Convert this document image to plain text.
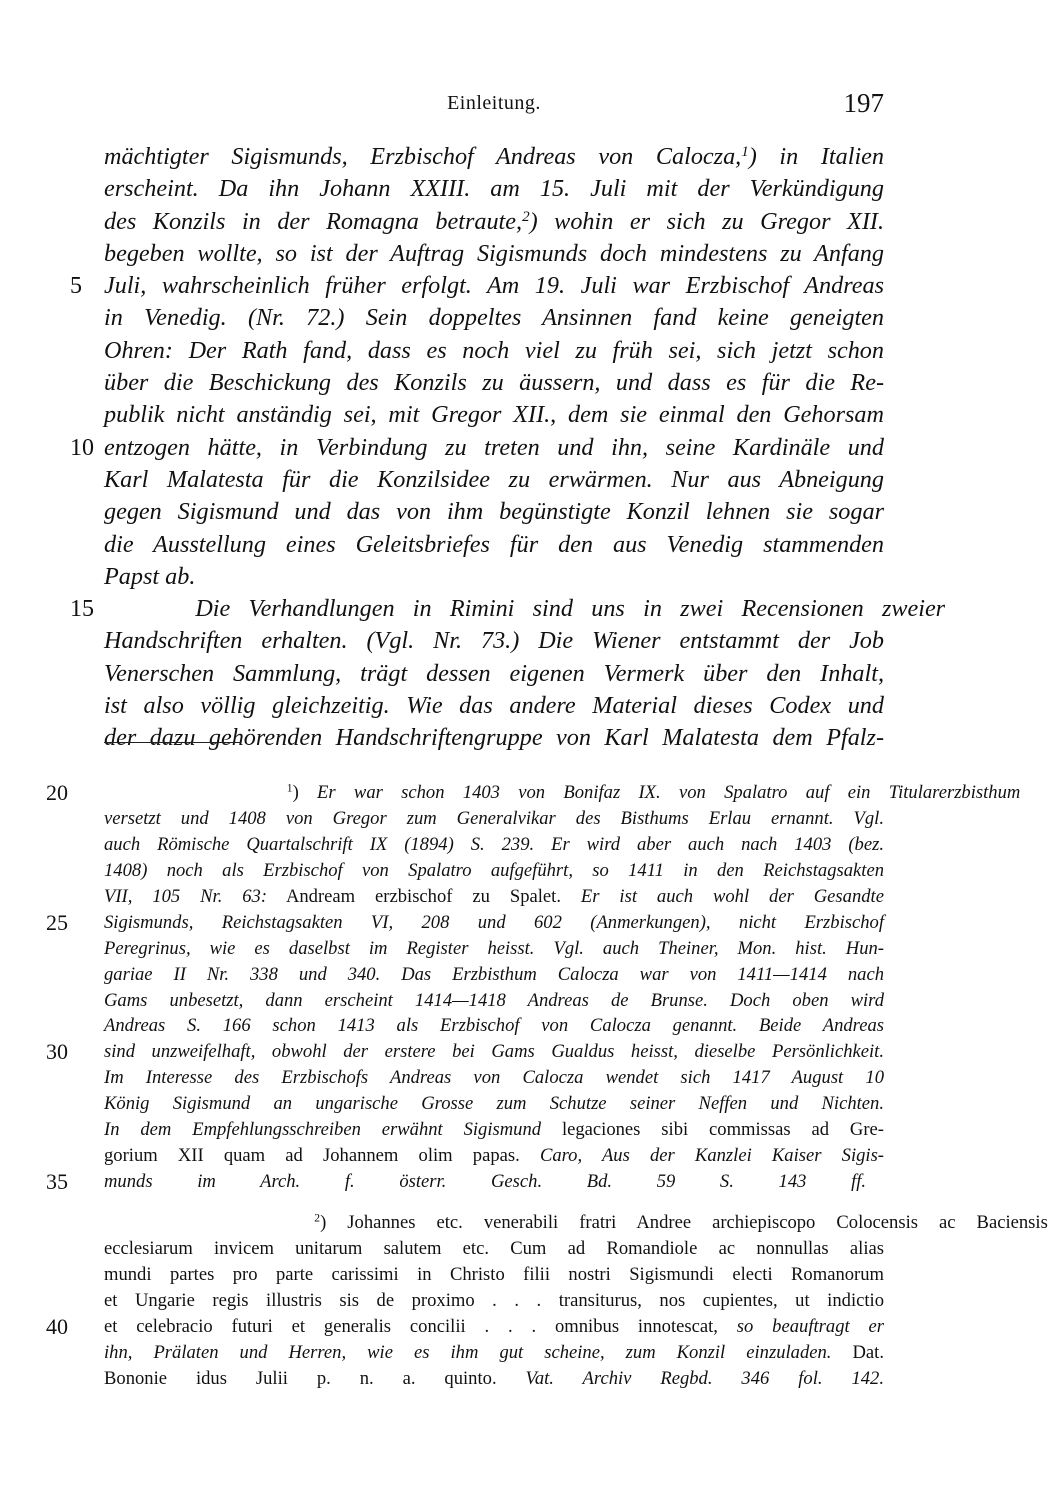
Einleitung.	197
mächtigter Sigismunds, Erzbischof Andreas von Calocza,$^1$) in Italien
erscheint. Da ihn Johann XXIII. am 15. Juli mit der Verkündigung
des Konzils in der Romagna betraute,$^2$) wohin er sich zu Gregor XII.
begeben wollte, so ist der Auftrag Sigismunds doch mindestens zu Anfang
5 Juli, wahrscheinlich früher erfolgt. Am 19. Juli war Erzbischof Andreas
in Venedig. (Nr. 72.) Sein doppeltes Ansinnen fand keine geneigten
Ohren: Der Rath fand, dass es noch viel zu früh sei, sich jetzt schon
über die Beschickung des Konzils zu äussern, und dass es für die Re-
publik nicht anständig sei, mit Gregor XII., dem sie einmal den Gehorsam
10 entzogen hätte, in Verbindung zu treten und ihn, seine Kardinäle und
Karl Malatesta für die Konzilsidee zu erwärmen. Nur aus Abneigung
gegen Sigismund und das von ihm begünstigte Konzil lehnen sie sogar
die Ausstellung eines Geleitsbriefes für den aus Venedig stammenden
Papst ab.
15 Die Verhandlungen in Rimini sind uns in zwei Recensionen zweier
Handschriften erhalten. (Vgl. Nr. 73.) Die Wiener entstammt der Job
Venerschen Sammlung, trägt dessen eigenen Vermerk über den Inhalt,
ist also völlig gleichzeitig. Wie das andere Material dieses Codex und
der dazu gehörenden Handschriftengruppe von Karl Malatesta dem Pfalz-
20	$^1$) Er war schon 1403 von Bonifaz IX. von Spalatro auf ein Titularerzbisthum
versetzt und 1408 von Gregor zum Generalvikar des Bisthums Erlau ernannt. Vgl.
auch Römische Quartalschrift IX (1894) S. 239. Er wird aber auch nach 1403 (bez.
1408) noch als Erzbischof von Spalatro aufgeführt, so 1411 in den Reichstagsakten
VII, 105 Nr. 63: Andream erzbischof zu Spalet. Er ist auch wohl der Gesandte
25	Sigismunds, Reichstagsakten VI, 208 und 602 (Anmerkungen), nicht Erzbischof
Peregrinus, wie es daselbst im Register heisst. Vgl. auch Theiner, Mon. hist. Hun-
gariae II Nr. 338 und 340. Das Erzbisthum Calocza war von 1411—1414 nach
Gams unbesetzt, dann erscheint 1414—1418 Andreas de Brunse. Doch oben wird
Andreas S. 166 schon 1413 als Erzbischof von Calocza genannt. Beide Andreas
30	sind unzweifelhaft, obwohl der erstere bei Gams Gualdus heisst, dieselbe Persönlichkeit.
Im Interesse des Erzbischofs Andreas von Calocza wendet sich 1417 August 10
König Sigismund an ungarische Grosse zum Schutze seiner Neffen und Nichten.
In dem Empfehlungsschreiben erwähnt Sigismund legaciones sibi commissas ad Gre-
gorium XII quam ad Johannem olim papas. Caro, Aus der Kanzlei Kaiser Sigis-
35	munds im Arch. f. österr. Gesch. Bd. 59 S. 143 ff.
$^2$) Johannes etc. venerabili fratri Andree archiepiscopo Colocensis ac Baciensis
ecclesiarum invicem unitarum salutem etc. Cum ad Romandiole ac nonnullas alias
mundi partes pro parte carissimi in Christo filii nostri Sigismundi electi Romanorum
et Ungarie regis illustris sis de proximo . . . transiturus, nos cupientes, ut indictio
40	et celebracio futuri et generalis concilii . . . omnibus innotescat, so beauftragt er
ihn, Prälaten und Herren, wie es ihm gut scheine, zum Konzil einzuladen. Dat.
Bononie idus Julii p. n. a. quinto. Vat. Archiv Regbd. 346 fol. 142.
